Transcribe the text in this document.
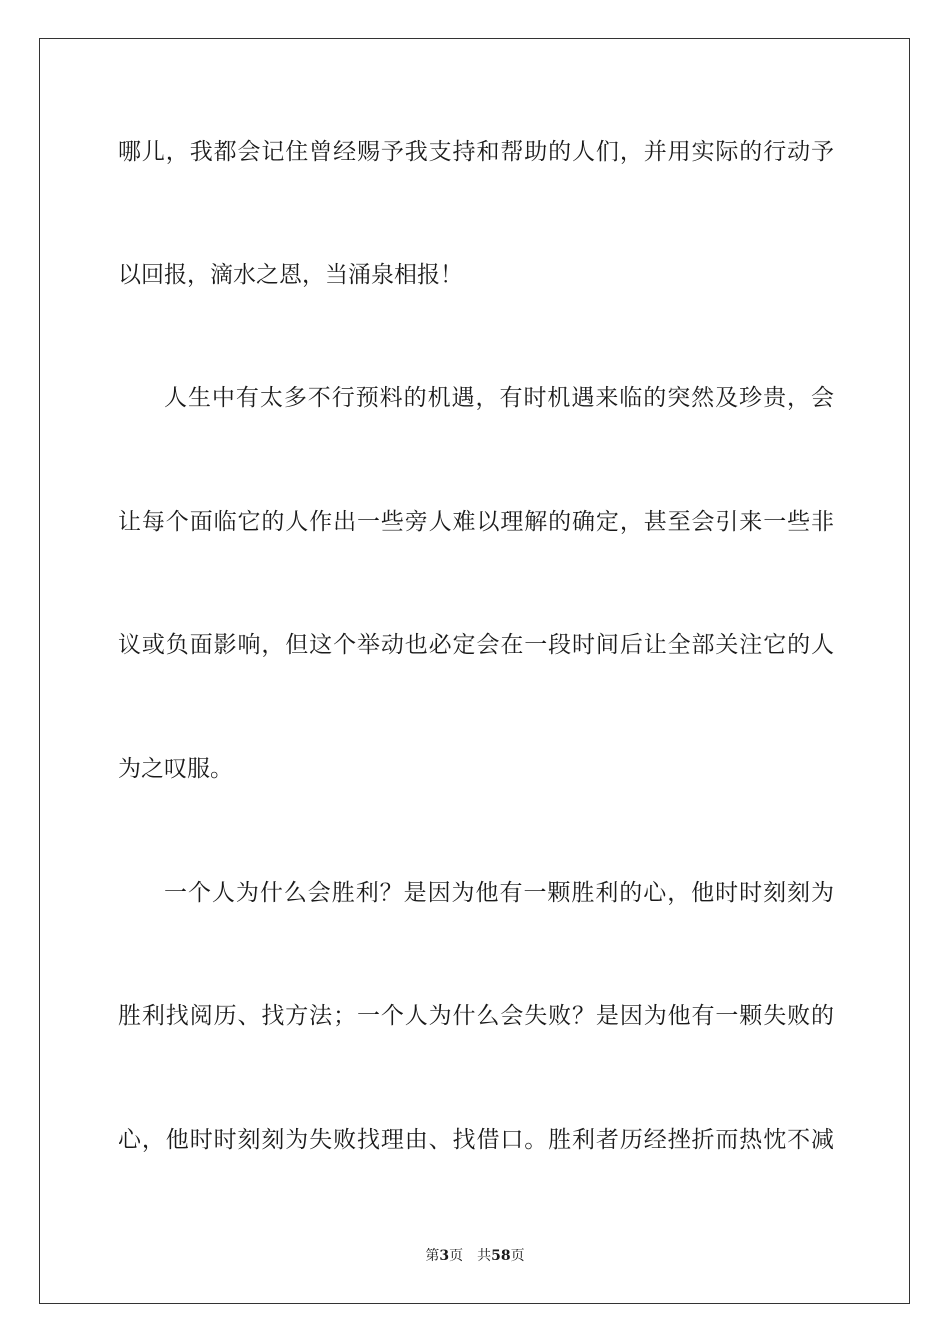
哪儿，我都会记住曾经赐予我支持和帮助的人们，并用实际的行动予
以回报，滴水之恩，当涌泉相报！
人生中有太多不行预料的机遇，有时机遇来临的突然及珍贵，会
让每个面临它的人作出一些旁人难以理解的确定，甚至会引来一些非
议或负面影响，但这个举动也必定会在一段时间后让全部关注它的人
为之叹服。
一个人为什么会胜利？是因为他有一颗胜利的心，他时时刻刻为
胜利找阅历、找方法；一个人为什么会失败？是因为他有一颗失败的
心，他时时刻刻为失败找理由、找借口。胜利者历经挫折而热忱不减
第3页 共58页
